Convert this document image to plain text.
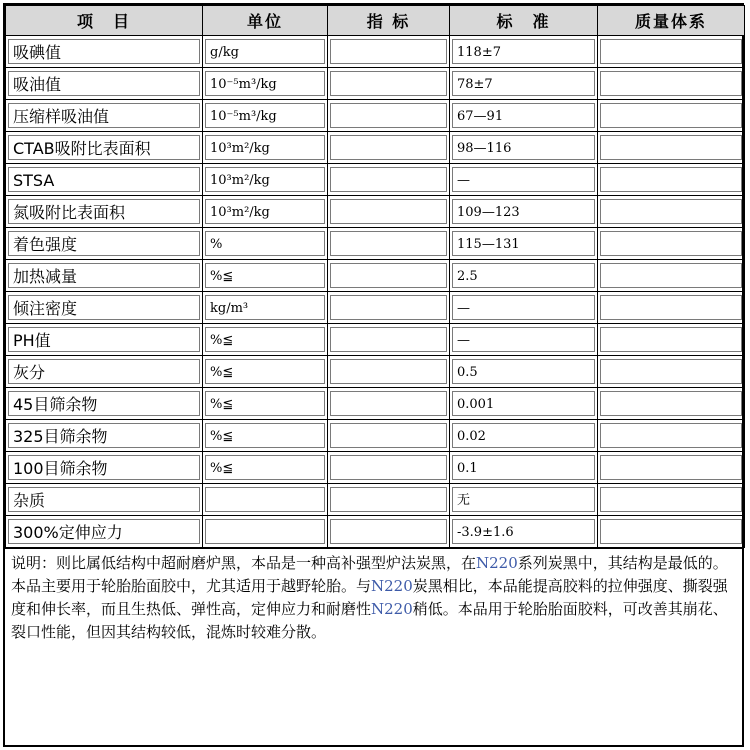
项　目	单位	指 标	标　准	质量体系

吸碘值	g/kg		118±7	

吸油值	10⁻⁵m³/kg		78±7	

压缩样吸油值	10⁻⁵m³/kg		67—91	

CTAB吸附比表面积	10³m²/kg		98—116	

STSA	10³m²/kg		—	

氮吸附比表面积	10³m²/kg		109—123	

着色强度	%		115—131	

加热减量	%≦		2.5	

倾注密度	kg/m³		—	

PH值	%≦		—	

灰分	%≦		0.5	

45目筛余物	%≦		0.001	

325目筛余物	%≦		0.02	

100目筛余物	%≦		0.1	

杂质			无	

300%定伸应力			-3.9±1.6	

说明：则比属低结构中超耐磨炉黑，本品是一种高补强型炉法炭黑，在N220系列炭黑中，其结构是最低的。本品主要用于轮胎胎面胶中，尤其适用于越野轮胎。与N220炭黑相比，本品能提高胶料的拉伸强度、撕裂强度和伸长率，而且生热低、弹性高，定伸应力和耐磨性N220稍低。本品用于轮胎胎面胶料，可改善其崩花、裂口性能，但因其结构较低，混炼时较难分散。
